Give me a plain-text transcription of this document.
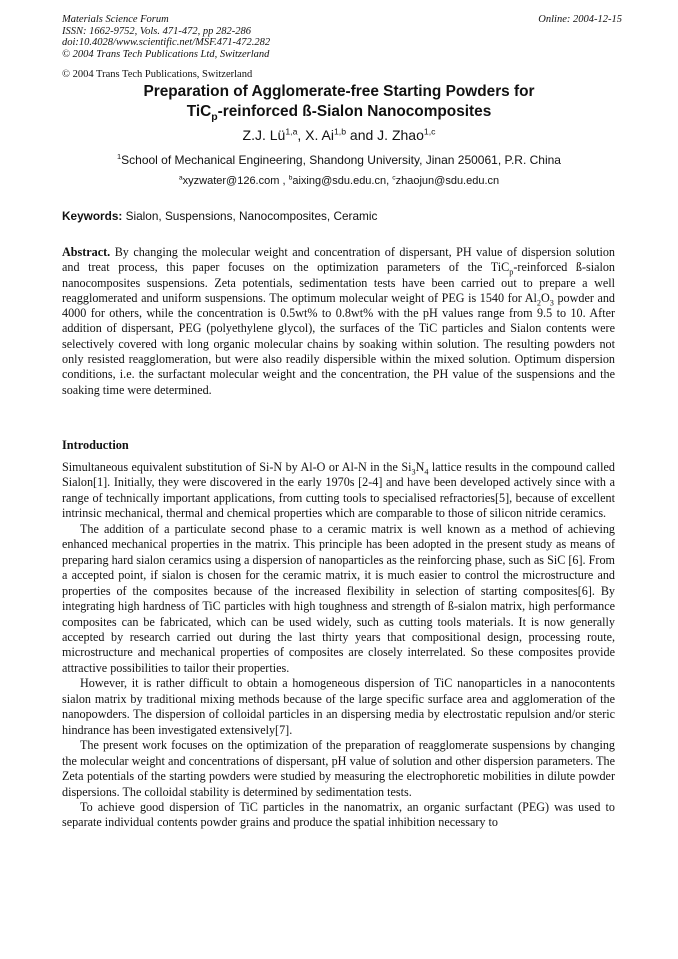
Materials Science Forum
ISSN: 1662-9752, Vols. 471-472, pp 282-286
doi:10.4028/www.scientific.net/MSF.471-472.282
© 2004 Trans Tech Publications Ltd, Switzerland
Online: 2004-12-15
© 2004 Trans Tech Publications, Switzerland
Preparation of Agglomerate-free Starting Powders for
TiC$_p$-reinforced ß-Sialon Nanocomposites
Z.J. Lü$^{1,a}$, X. Ai$^{1,b}$ and J. Zhao$^{1,c}$
$^1$School of Mechanical Engineering, Shandong University, Jinan 250061, P.R. China
$^a$xyzwater@126.com , $^b$aixing@sdu.edu.cn, $^c$zhaojun@sdu.edu.cn
Keywords: Sialon, Suspensions, Nanocomposites, Ceramic

Abstract. By changing the molecular weight and concentration of dispersant, PH value of dispersion solution and treat process, this paper focuses on the optimization parameters of the TiC$_p$-reinforced ß-sialon nanocomposites suspensions. Zeta potentials, sedimentation tests have been carried out to prepare a well reagglomerated and uniform suspensions. The optimum molecular weight of PEG is 1540 for $Al_2O_3$ powder and 4000 for others, while the concentration is 0.5wt% to 0.8wt% with the pH values range from 9.5 to 10. After addition of dispersant, PEG (polyethylene glycol), the surfaces of the TiC particles and Sialon contents were selectively covered with long organic molecular chains by soaking within solution. The resulting powders not only resisted reagglomeration, but were also readily dispersible within the mixed solution. Optimum dispersion conditions, i.e. the surfactant molecular weight and the concentration, the PH value of the suspensions and the soaking time were determined.

Introduction

Simultaneous equivalent substitution of Si-N by Al-O or Al-N in the $Si_3N_4$ lattice results in the compound called Sialon[1]. Initially, they were discovered in the early 1970s [2-4] and have been developed actively since with a range of technically important applications, from cutting tools to specialised refractories[5], because of excellent intrinsic mechanical, thermal and chemical properties which are comparable to those of silicon nitride ceramics.

The addition of a particulate second phase to a ceramic matrix is well known as a method of achieving enhanced mechanical properties in the matrix. This principle has been adopted in the present study as means of preparing hard sialon ceramics using a dispersion of nanoparticles as the reinforcing phase, such as SiC [6]. From a accepted point, if sialon is chosen for the ceramic matrix, it is much easier to control the microstructure and properties of the composites because of the increased flexibility in selection of starting composites[6]. By integrating high hardness of TiC particles with high toughness and strength of ß-sialon matrix, high performance composites can be fabricated, which can be used widely, such as cutting tools materials. It is now generally accepted by research carried out during the last thirty years that compositional design, processing route, microstructure and mechanical properties of composites are closely interrelated. So these composites provide attractive possibilities to tailor their properties.

However, it is rather difficult to obtain a homogeneous dispersion of TiC nanoparticles in a nanocontents sialon matrix by traditional mixing methods because of the large specific surface area and agglomeration of the nanopowders. The dispersion of colloidal particles in an dispersing media by electrostatic repulsion and/or steric hindrance has been investigated extensively[7].

The present work focuses on the optimization of the preparation of reagglomerate suspensions by changing the molecular weight and concentrations of dispersant, pH value of solution and other dispersion parameters. The Zeta potentials of the starting powders were studied by measuring the electrophoretic mobilities in dilute powder dispersions. The colloidal stability is determined by sedimentation tests.

To achieve good dispersion of TiC particles in the nanomatrix, an organic surfactant (PEG) was used to separate individual contents powder grains and produce the spatial inhibition necessary to
